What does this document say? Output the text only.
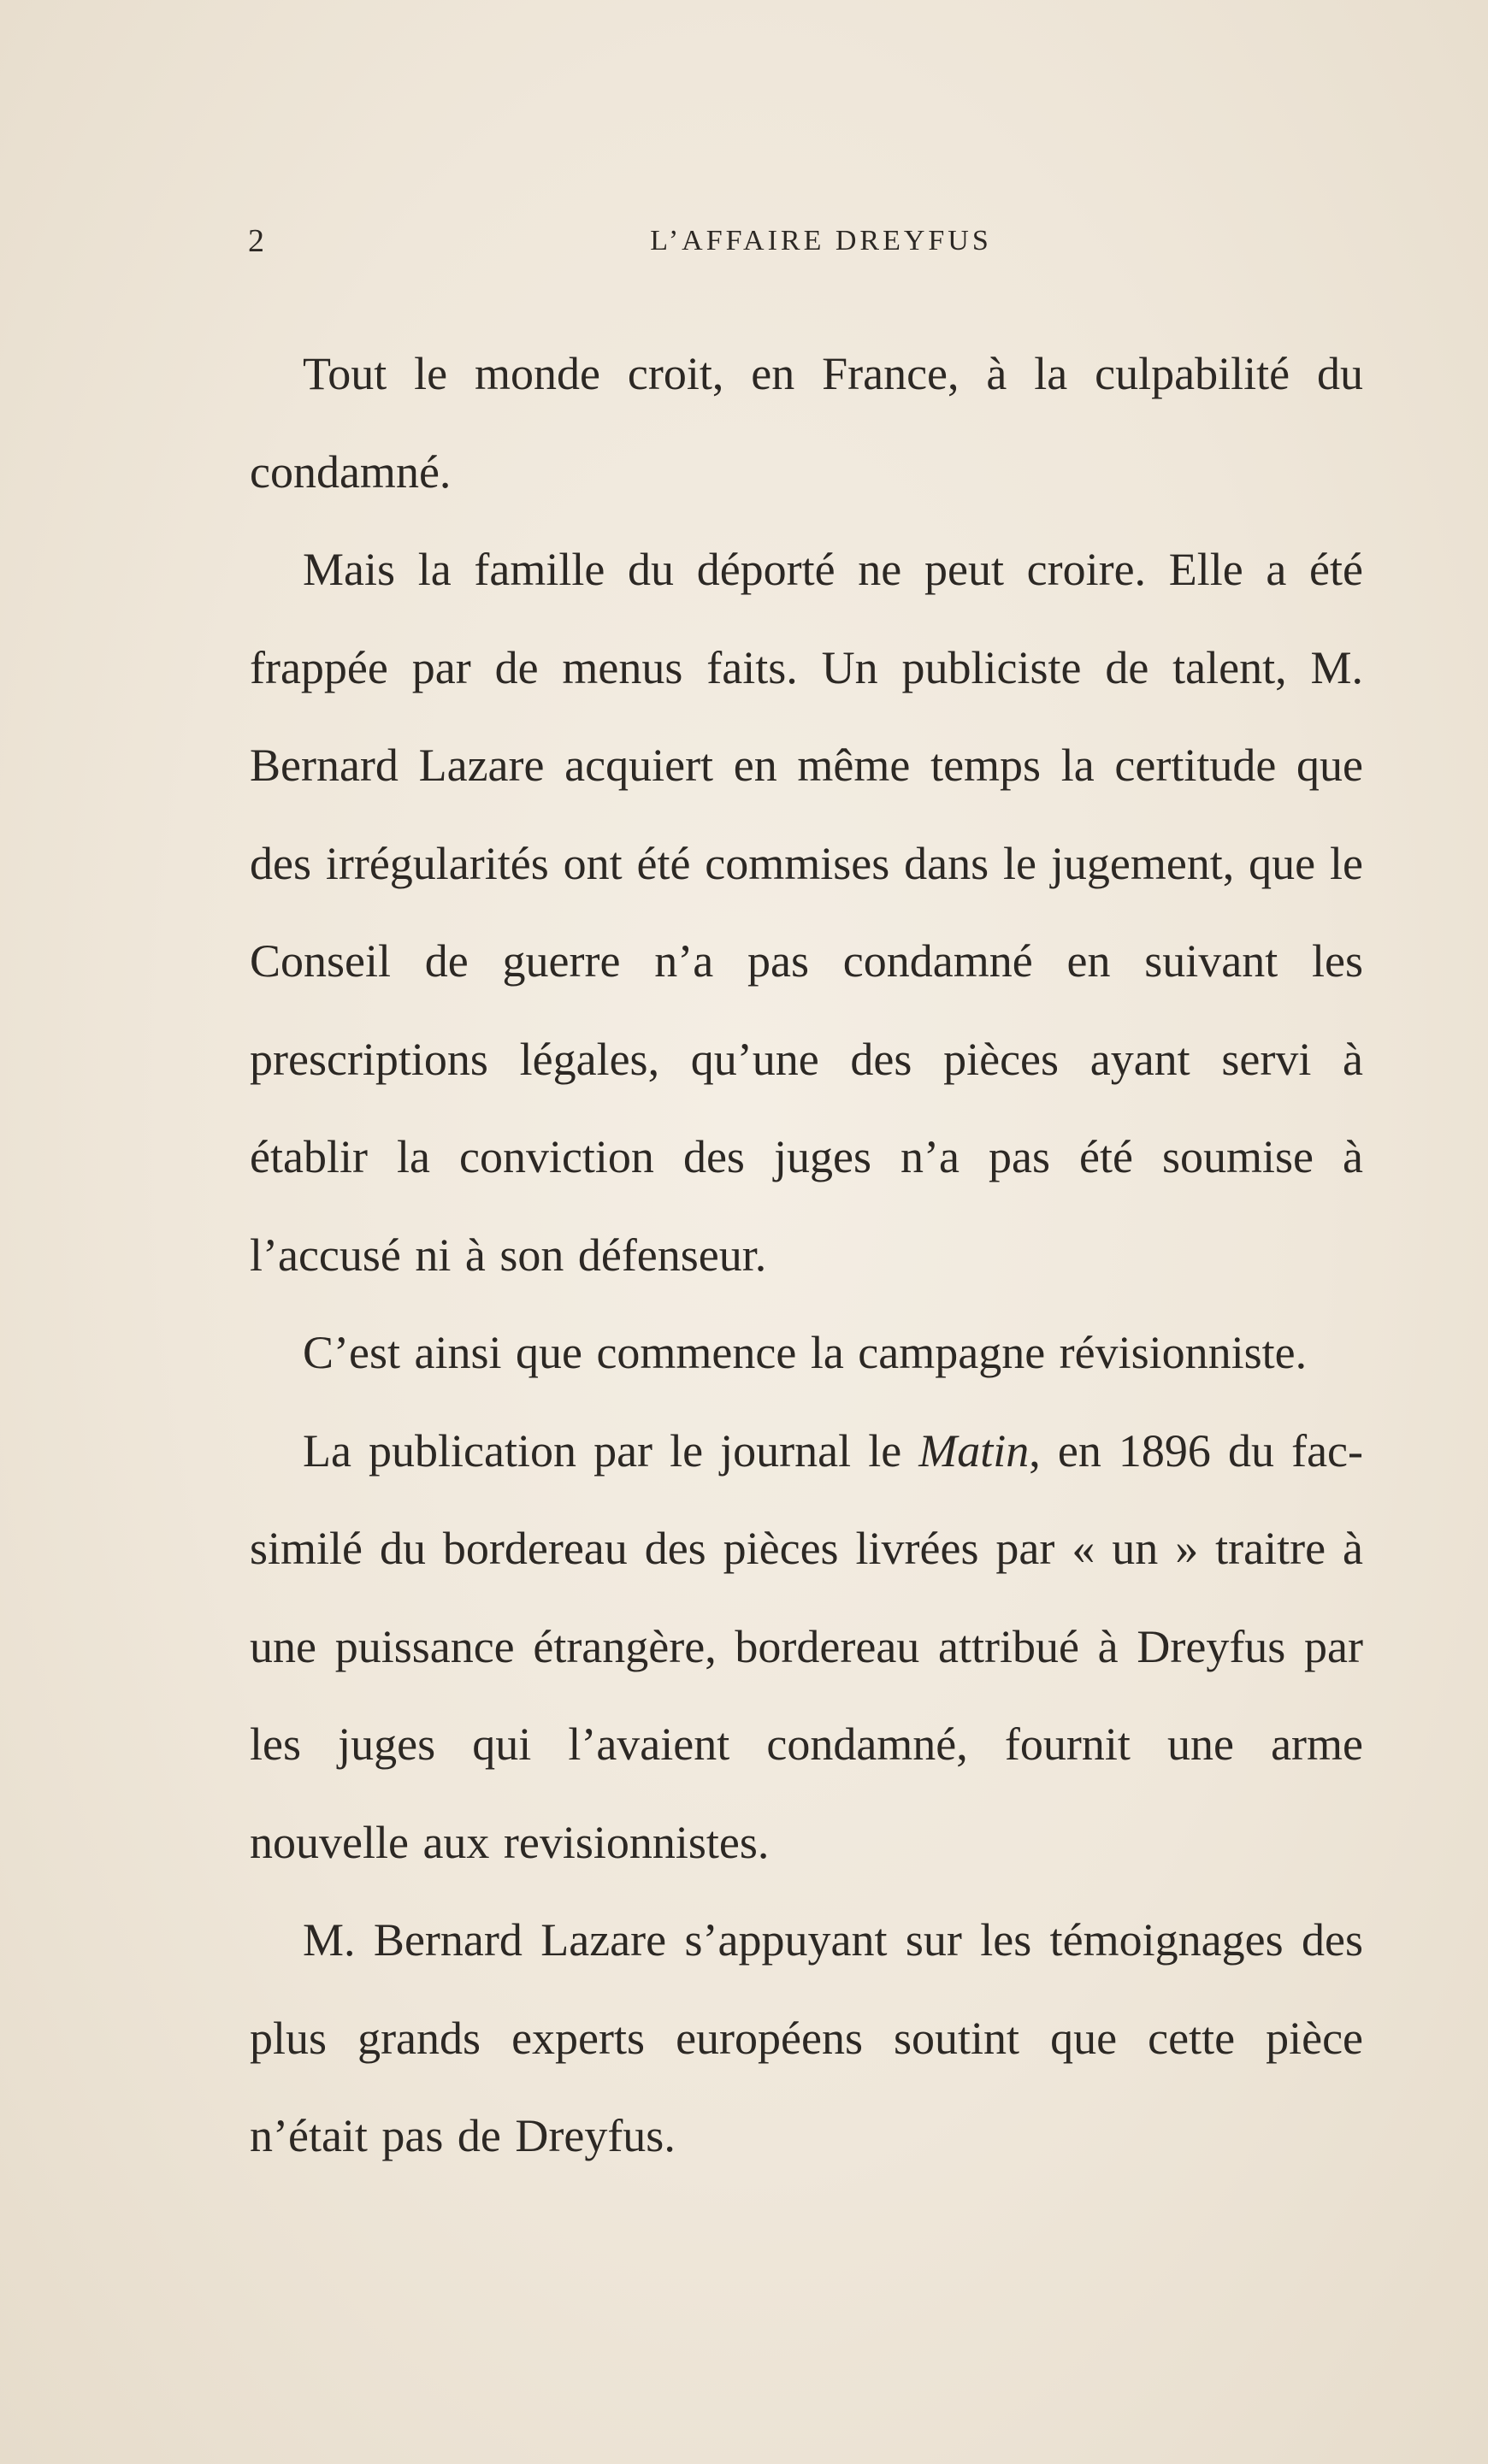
2	L’AFFAIRE DREYFUS

Tout le monde croit, en France, à la culpabilité du condamné.

Mais la famille du déporté ne peut croire. Elle a été frappée par de menus faits. Un publiciste de talent, M. Bernard Lazare acquiert en même temps la certitude que des irrégularités ont été commises dans le jugement, que le Conseil de guerre n’a pas condamné en suivant les prescriptions légales, qu’une des pièces ayant servi à établir la conviction des juges n’a pas été soumise à l’accusé ni à son défenseur.

C’est ainsi que commence la campagne révisionniste.

La publication par le journal le Matin, en 1896 du fac-similé du bordereau des pièces livrées par « un » traitre à une puissance étrangère, bordereau attribué à Dreyfus par les juges qui l’avaient condamné, fournit une arme nouvelle aux revisionnistes.

M. Bernard Lazare s’appuyant sur les témoignages des plus grands experts européens soutint que cette pièce n’était pas de Dreyfus.
